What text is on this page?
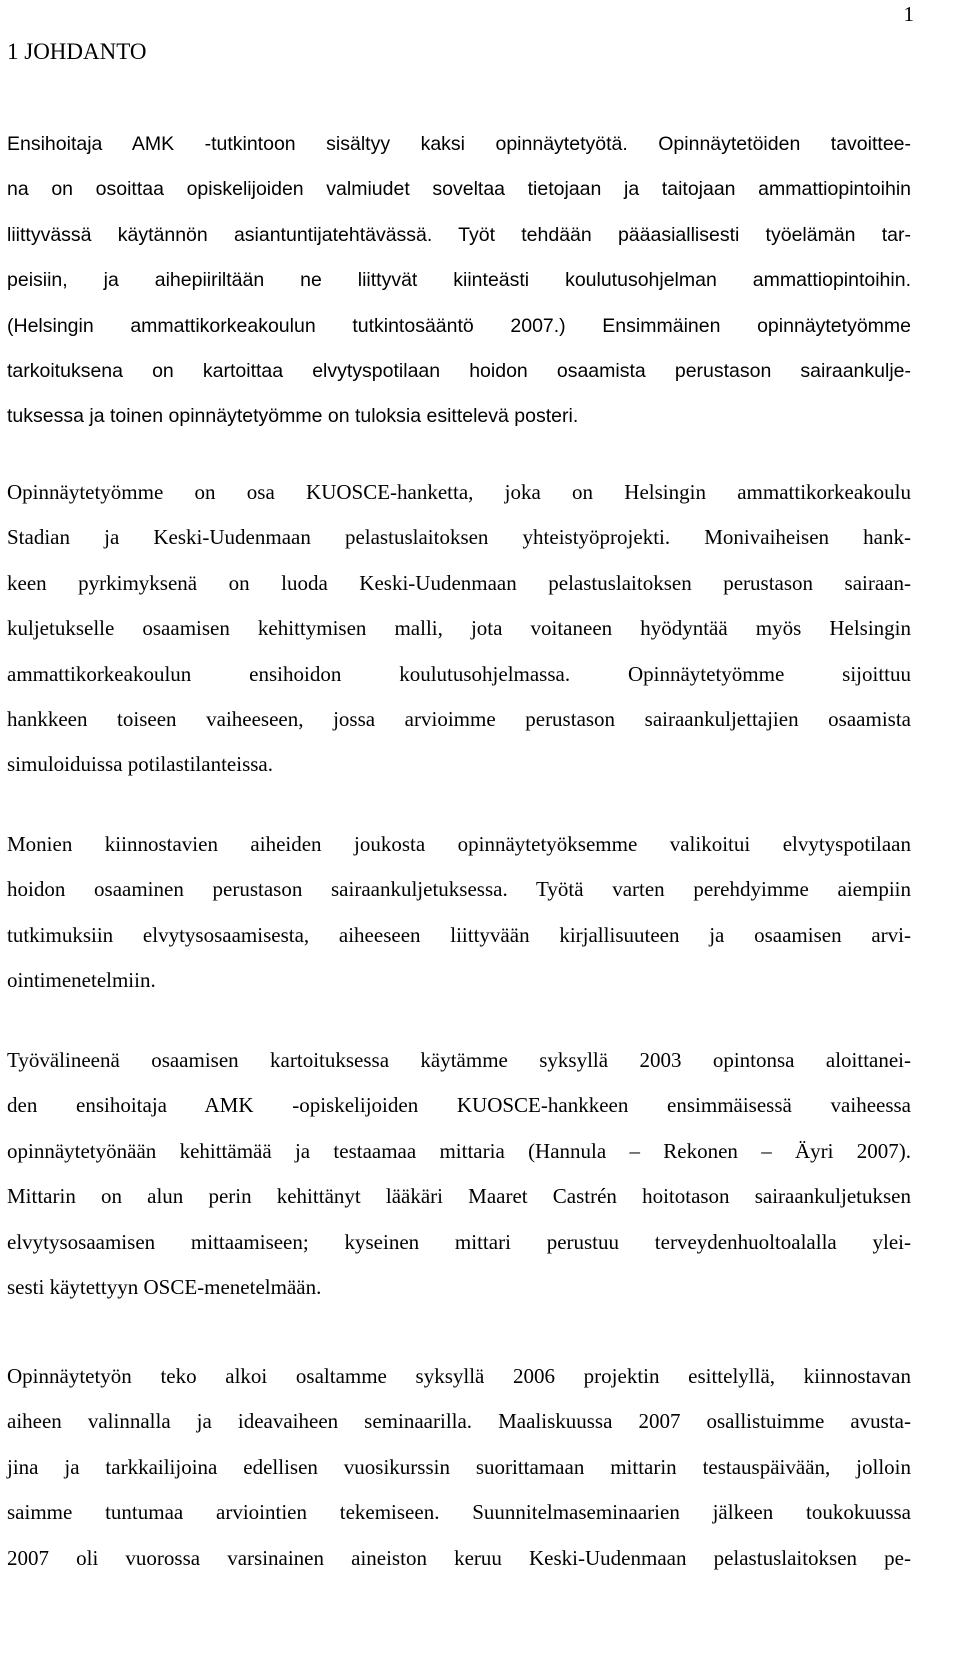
1
1 JOHDANTO
Ensihoitaja AMK -tutkintoon sisältyy kaksi opinnäytetyötä. Opinnäytetöiden tavoittee-
na on osoittaa opiskelijoiden valmiudet soveltaa tietojaan ja taitojaan ammattiopintoihin
liittyvässä käytännön asiantuntijatehtävässä. Työt tehdään pääasiallisesti työelämän tar-
peisiin, ja aihepiiriltään ne liittyvät kiinteästi koulutusohjelman ammattiopintoihin.
(Helsingin ammattikorkeakoulun tutkintosääntö 2007.) Ensimmäinen opinnäytetyömme
tarkoituksena on kartoittaa elvytyspotilaan hoidon osaamista perustason sairaankulje-
tuksessa ja toinen opinnäytetyömme on tuloksia esittelevä posteri.
Opinnäytetyömme on osa KUOSCE-hanketta, joka on Helsingin ammattikorkeakoulu
Stadian ja Keski-Uudenmaan pelastuslaitoksen yhteistyöprojekti. Monivaiheisen hank-
keen pyrkimyksenä on luoda Keski-Uudenmaan pelastuslaitoksen perustason sairaan-
kuljetukselle osaamisen kehittymisen malli, jota voitaneen hyödyntää myös Helsingin
ammattikorkeakoulun ensihoidon koulutusohjelmassa. Opinnäytetyömme sijoittuu
hankkeen toiseen vaiheeseen, jossa arvioimme perustason sairaankuljettajien osaamista
simuloiduissa potilastilanteissa.
Monien kiinnostavien aiheiden joukosta opinnäytetyöksemme valikoitui elvytyspotilaan
hoidon osaaminen perustason sairaankuljetuksessa. Työtä varten perehdyimme aiempiin
tutkimuksiin elvytysosaamisesta, aiheeseen liittyvään kirjallisuuteen ja osaamisen arvi-
ointimenetelmiin.
Työvälineenä osaamisen kartoituksessa käytämme syksyllä 2003 opintonsa aloittanei-
den ensihoitaja AMK -opiskelijoiden KUOSCE-hankkeen ensimmäisessä vaiheessa
opinnäytetyönään kehittämää ja testaamaa mittaria (Hannula – Rekonen – Äyri 2007).
Mittarin on alun perin kehittänyt lääkäri Maaret Castrén hoitotason sairaankuljetuksen
elvytysosaamisen mittaamiseen; kyseinen mittari perustuu terveydenhuoltoalalla ylei-
sesti käytettyyn OSCE-menetelmään.
Opinnäytetyön teko alkoi osaltamme syksyllä 2006 projektin esittelyllä, kiinnostavan
aiheen valinnalla ja ideavaiheen seminaarilla. Maaliskuussa 2007 osallistuimme avusta-
jina ja tarkkailijoina edellisen vuosikurssin suorittamaan mittarin testauspäivään, jolloin
saimme tuntumaa arviointien tekemiseen. Suunnitelmaseminaarien jälkeen toukokuussa
2007 oli vuorossa varsinainen aineiston keruu Keski-Uudenmaan pelastuslaitoksen pe-
